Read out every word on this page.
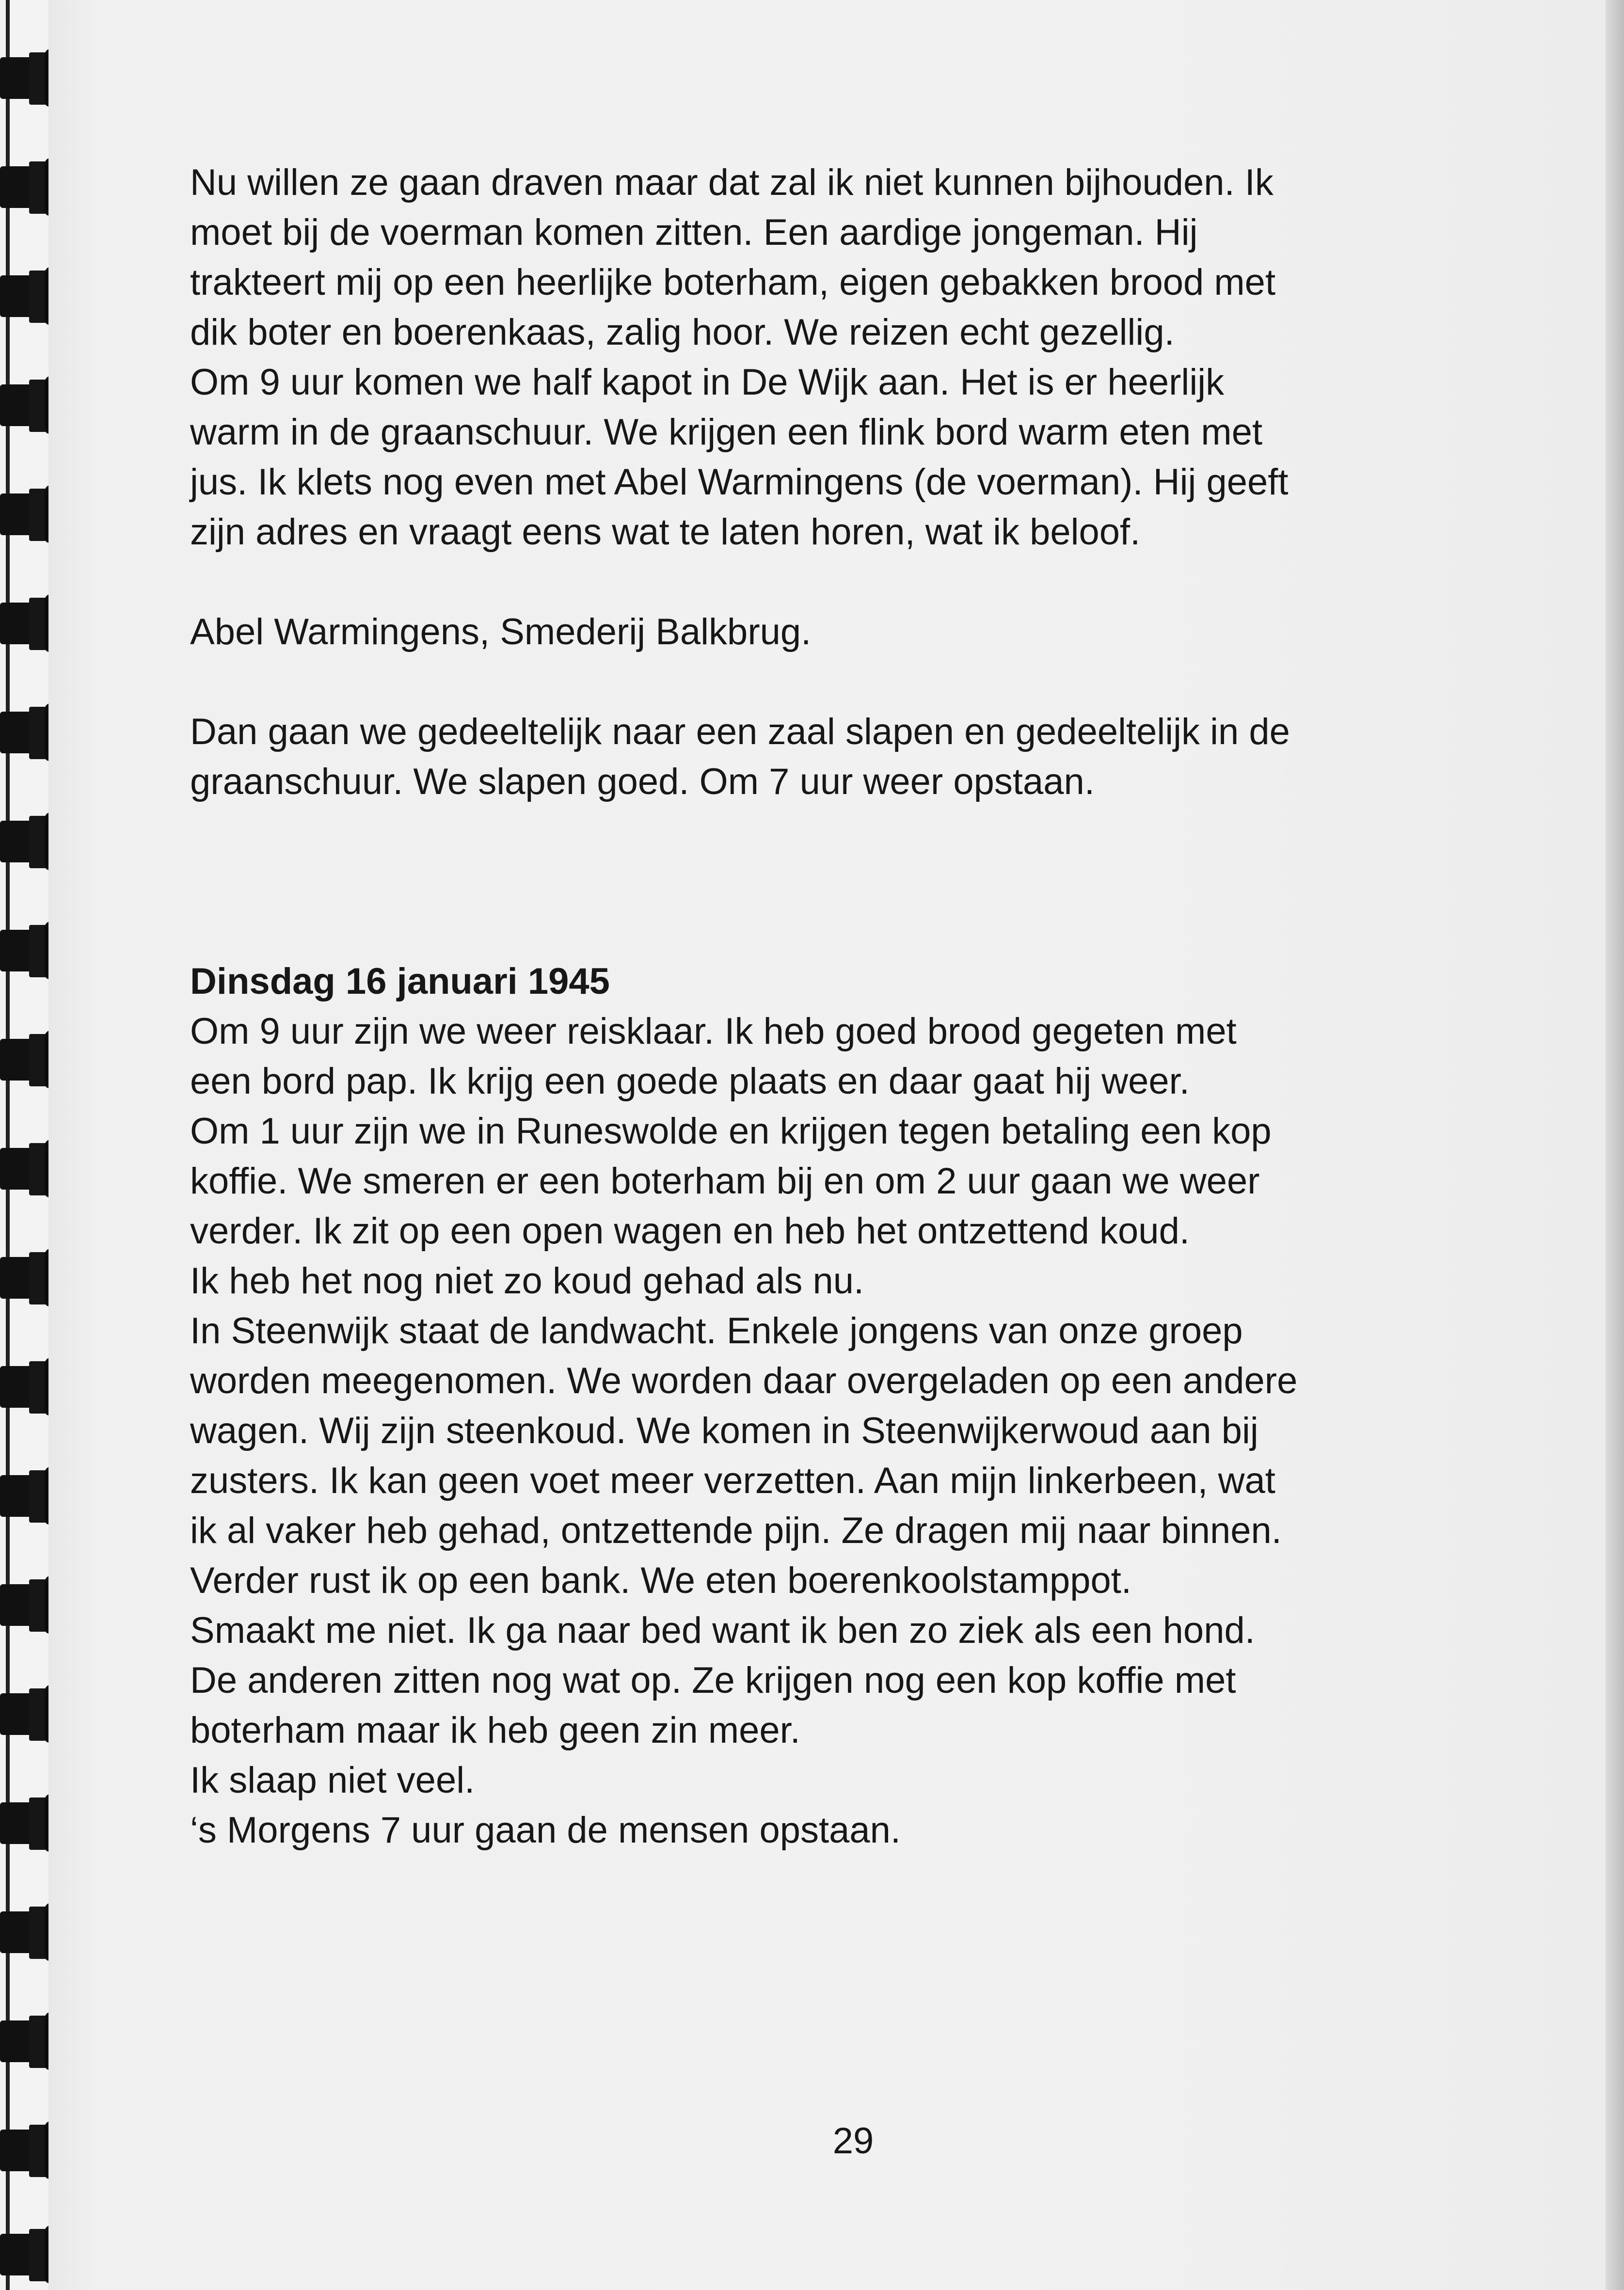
Nu willen ze gaan draven maar dat zal ik niet kunnen bijhouden. Ik
moet bij de voerman komen zitten. Een aardige jongeman. Hij
trakteert mij op een heerlijke boterham, eigen gebakken brood met
dik boter en boerenkaas, zalig hoor. We reizen echt gezellig.
Om 9 uur komen we half kapot in De Wijk aan. Het is er heerlijk
warm in de graanschuur. We krijgen een flink bord warm eten met
jus. Ik klets nog even met Abel Warmingens (de voerman). Hij geeft
zijn adres en vraagt eens wat te laten horen, wat ik beloof.

Abel Warmingens, Smederij Balkbrug.

Dan gaan we gedeeltelijk naar een zaal slapen en gedeeltelijk in de
graanschuur. We slapen goed. Om 7 uur weer opstaan.

Dinsdag 16 januari 1945

Om 9 uur zijn we weer reisklaar. Ik heb goed brood gegeten met
een bord pap. Ik krijg een goede plaats en daar gaat hij weer.
Om 1 uur zijn we in Runeswolde en krijgen tegen betaling een kop
koffie. We smeren er een boterham bij en om 2 uur gaan we weer
verder. Ik zit op een open wagen en heb het ontzettend koud.
Ik heb het nog niet zo koud gehad als nu.
In Steenwijk staat de landwacht. Enkele jongens van onze groep
worden meegenomen. We worden daar overgeladen op een andere
wagen. Wij zijn steenkoud. We komen in Steenwijkerwoud aan bij
zusters. Ik kan geen voet meer verzetten. Aan mijn linkerbeen, wat
ik al vaker heb gehad, ontzettende pijn. Ze dragen mij naar binnen.
Verder rust ik op een bank. We eten boerenkoolstamppot.
Smaakt me niet. Ik ga naar bed want ik ben zo ziek als een hond.
De anderen zitten nog wat op. Ze krijgen nog een kop koffie met
boterham maar ik heb geen zin meer.
Ik slaap niet veel.
‘s Morgens 7 uur gaan de mensen opstaan.

29
